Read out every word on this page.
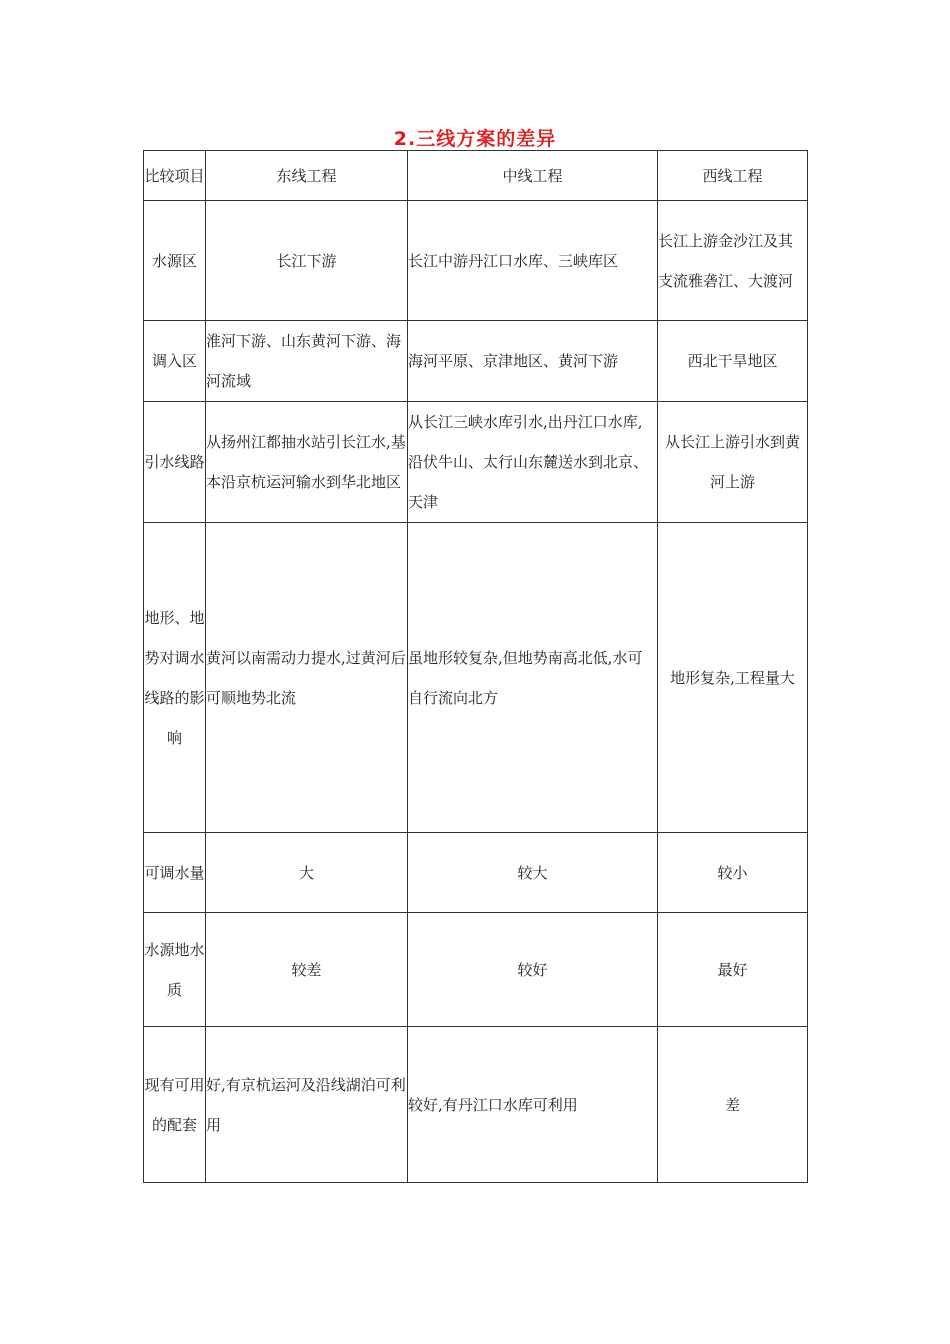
2.三线方案的差异
比较项目	东线工程	中线工程	西线工程
水源区	长江下游	长江中游丹江口水库、三峡库区	长江上游金沙江及其支流雅砻江、大渡河
调入区	淮河下游、山东黄河下游、海河流域	海河平原、京津地区、黄河下游	西北干旱地区
引水线路	从扬州江都抽水站引长江水,基本沿京杭运河输水到华北地区	从长江三峡水库引水,出丹江口水库,沿伏牛山、太行山东麓送水到北京、天津	从长江上游引水到黄河上游
地形、地势对调水线路的影响	黄河以南需动力提水,过黄河后可顺地势北流	虽地形较复杂,但地势南高北低,水可自行流向北方	地形复杂,工程量大
可调水量	大	较大	较小
水源地水质	较差	较好	最好
现有可用的配套	好,有京杭运河及沿线湖泊可利用	较好,有丹江口水库可利用	差
